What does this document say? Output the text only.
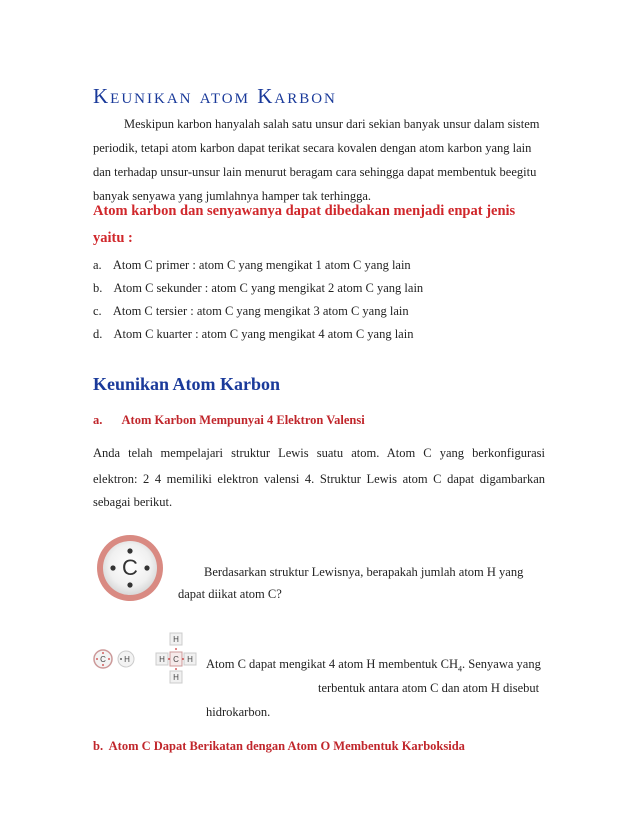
Keunikan atom Karbon
Meskipun karbon hanyalah salah satu unsur dari sekian banyak unsur dalam sistem
periodik, tetapi atom karbon dapat terikat secara kovalen dengan atom karbon yang lain
dan terhadap unsur-unsur lain menurut beragam cara sehingga dapat membentuk beegitu
banyak senyawa yang jumlahnya hamper tak terhingga.
Atom karbon dan senyawanya dapat dibedakan menjadi enpat jenis
yaitu :
a. Atom C primer : atom C yang mengikat 1 atom C yang lain
b. Atom C sekunder : atom C yang mengikat 2 atom C yang lain
c. Atom C tersier : atom C yang mengikat 3 atom C yang lain
d. Atom C kuarter : atom C yang mengikat 4 atom C yang lain
Keunikan Atom Karbon
a. Atom Karbon Mempunyai 4 Elektron Valensi
Anda telah mempelajari struktur Lewis suatu atom. Atom C yang berkonfigurasi
elektron: 2 4 memiliki elektron valensi 4. Struktur Lewis atom C dapat digambarkan
sebagai berikut.
C	Berdasarkan struktur Lewisnya, berapakah jumlah atom H yang
dapat diikat atom C?
C H
H
H
H	H
C Atom C dapat mengikat 4 atom H membentuk $CH_4$. Senyawa yang
terbentuk antara atom C dan atom H disebut
hidrokarbon.
b.  Atom C Dapat Berikatan dengan Atom O Membentuk Karboksida
